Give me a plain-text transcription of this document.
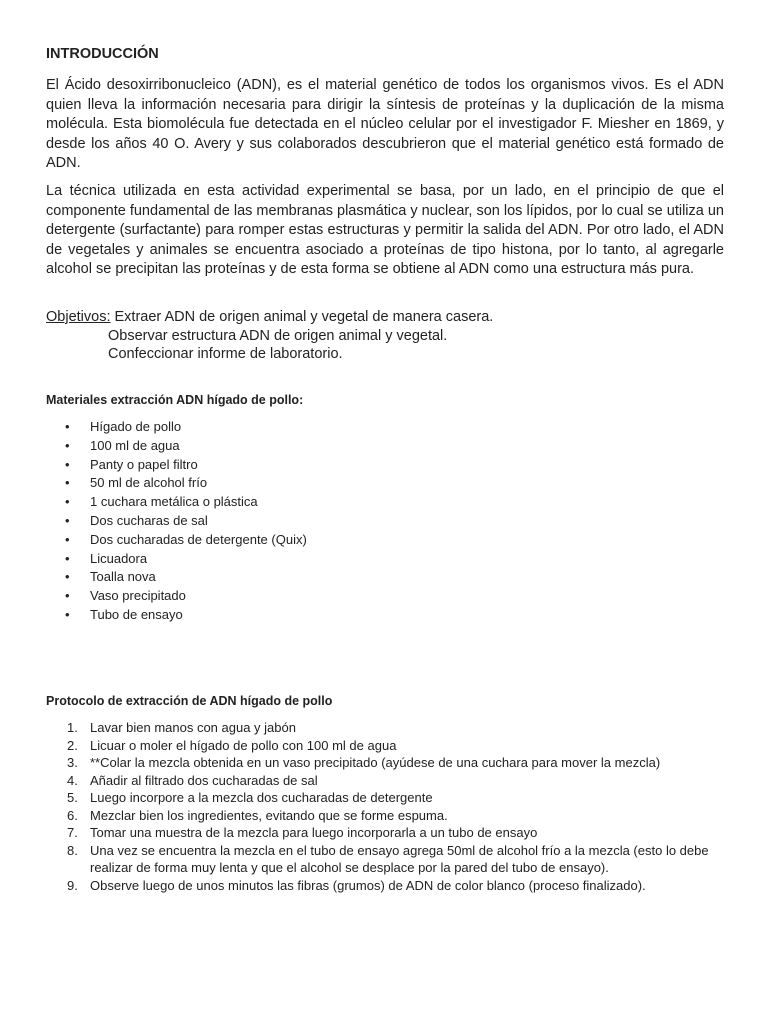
INTRODUCCIÓN

El Ácido desoxirribonucleico (ADN), es el material genético de todos los organismos vivos. Es el ADN quien lleva la información necesaria para dirigir la síntesis de proteínas y la duplicación de la misma molécula. Esta biomolécula fue detectada en el núcleo celular por el investigador F. Miesher en 1869, y desde los años 40 O. Avery y sus colaborados descubrieron que el material genético está formado de ADN.

La técnica utilizada en esta actividad experimental se basa, por un lado, en el principio de que el componente fundamental de las membranas plasmática y nuclear, son los lípidos, por lo cual se utiliza un detergente (surfactante) para romper estas estructuras y permitir la salida del ADN. Por otro lado, el ADN de vegetales y animales se encuentra asociado a proteínas de tipo histona, por lo tanto, al agregarle alcohol se precipitan las proteínas y de esta forma se obtiene al ADN como una estructura más pura.

Objetivos: Extraer ADN de origen animal y vegetal de manera casera.
Observar estructura ADN de origen animal y vegetal.
Confeccionar informe de laboratorio.
Materiales extracción ADN hígado de pollo:
• Hígado de pollo
• 100 ml de agua
• Panty o papel filtro
• 50 ml de alcohol frío
• 1 cuchara metálica o plástica
• Dos cucharas de sal
• Dos cucharadas de detergente (Quix)
• Licuadora
• Toalla nova
• Vaso precipitado
• Tubo de ensayo
Protocolo de extracción de ADN hígado de pollo
1. Lavar bien manos con agua y jabón
2. Licuar o moler el hígado de pollo con 100 ml de agua
3. **Colar la mezcla obtenida en un vaso precipitado (ayúdese de una cuchara para mover la mezcla)
4. Añadir al filtrado dos cucharadas de sal
5. Luego incorpore a la mezcla dos cucharadas de detergente
6. Mezclar bien los ingredientes, evitando que se forme espuma.
7. Tomar una muestra de la mezcla para luego incorporarla a un tubo de ensayo
8. Una vez se encuentra la mezcla en el tubo de ensayo agrega 50ml de alcohol frío a la mezcla (esto lo debe realizar de forma muy lenta y que el alcohol se desplace por la pared del tubo de ensayo).
9. Observe luego de unos minutos las fibras (grumos) de ADN de color blanco (proceso finalizado).
